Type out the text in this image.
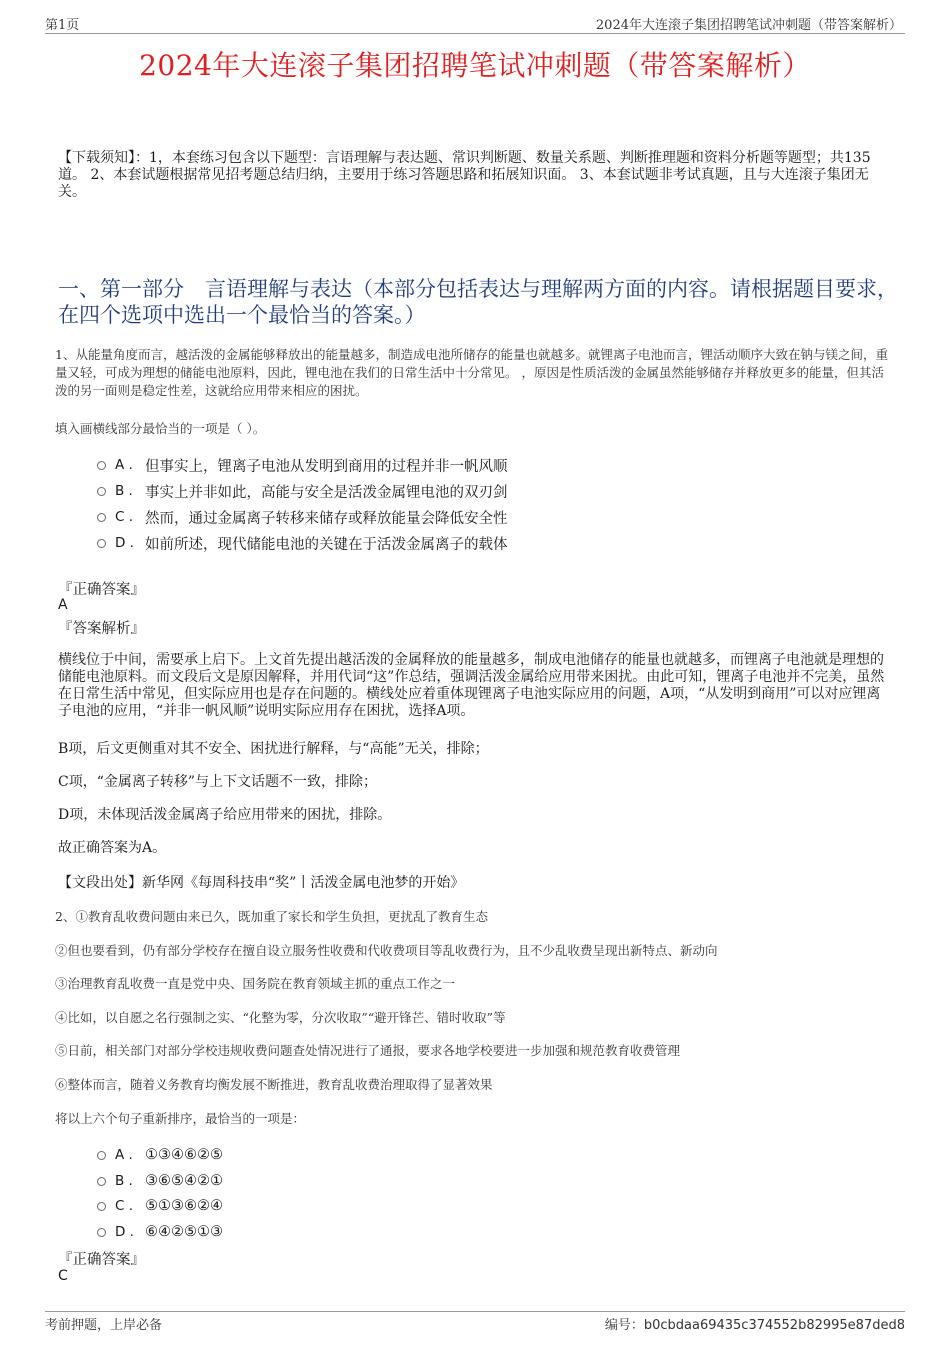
第1页	2024年大连滚子集团招聘笔试冲刺题（带答案解析）
2024年大连滚子集团招聘笔试冲刺题（带答案解析）
【下载须知】：1，本套练习包含以下题型：言语理解与表达题、常识判断题、数量关系题、判断推理题和资料分析题等题型；共135道。 2、本套试题根据常见招考题总结归纳，主要用于练习答题思路和拓展知识面。 3、本套试题非考试真题，且与大连滚子集团无关。
一、第一部分　言语理解与表达（本部分包括表达与理解两方面的内容。请根据题目要求，在四个选项中选出一个最恰当的答案。）
1、从能量角度而言，越活泼的金属能够释放出的能量越多，制造成电池所储存的能量也就越多。就锂离子电池而言，锂活动顺序大致在钠与镁之间，重量又轻，可成为理想的储能电池原料，因此，锂电池在我们的日常生活中十分常见。 ，原因是性质活泼的金属虽然能够储存并释放更多的能量，但其活泼的另一面则是稳定性差，这就给应用带来相应的困扰。
填入画横线部分最恰当的一项是（ ）。
A . 但事实上，锂离子电池从发明到商用的过程并非一帆风顺
B . 事实上并非如此，高能与安全是活泼金属锂电池的双刃剑
C . 然而，通过金属离子转移来储存或释放能量会降低安全性
D . 如前所述，现代储能电池的关键在于活泼金属离子的载体
『正确答案』
A
『答案解析』
横线位于中间，需要承上启下。上文首先提出越活泼的金属释放的能量越多，制成电池储存的能量也就越多，而锂离子电池就是理想的储能电池原料。而文段后文是原因解释，并用代词“这”作总结，强调活泼金属给应用带来困扰。由此可知，锂离子电池并不完美，虽然在日常生活中常见，但实际应用也是存在问题的。横线处应着重体现锂离子电池实际应用的问题，A项，“从发明到商用”可以对应锂离子电池的应用，“并非一帆风顺”说明实际应用存在困扰，选择A项。
B项，后文更侧重对其不安全、困扰进行解释，与“高能”无关，排除；
C项，“金属离子转移”与上下文话题不一致，排除；
D项，未体现活泼金属离子给应用带来的困扰，排除。
故正确答案为A。
【文段出处】新华网《每周科技串“奖”丨活泼金属电池梦的开始》
2、①教育乱收费问题由来已久，既加重了家长和学生负担，更扰乱了教育生态
②但也要看到，仍有部分学校存在擅自设立服务性收费和代收费项目等乱收费行为，且不少乱收费呈现出新特点、新动向
③治理教育乱收费一直是党中央、国务院在教育领域主抓的重点工作之一
④比如，以自愿之名行强制之实、“化整为零，分次收取”“避开锋芒、错时收取”等
⑤日前，相关部门对部分学校违规收费问题查处情况进行了通报，要求各地学校要进一步加强和规范教育收费管理
⑥整体而言，随着义务教育均衡发展不断推进，教育乱收费治理取得了显著效果
将以上六个句子重新排序，最恰当的一项是：
A . ①③④⑥②⑤
B . ③⑥⑤④②①
C . ⑤①③⑥②④
D . ⑥④②⑤①③
『正确答案』
C
考前押题，上岸必备	编号：b0cbdaa69435c374552b82995e87ded8
